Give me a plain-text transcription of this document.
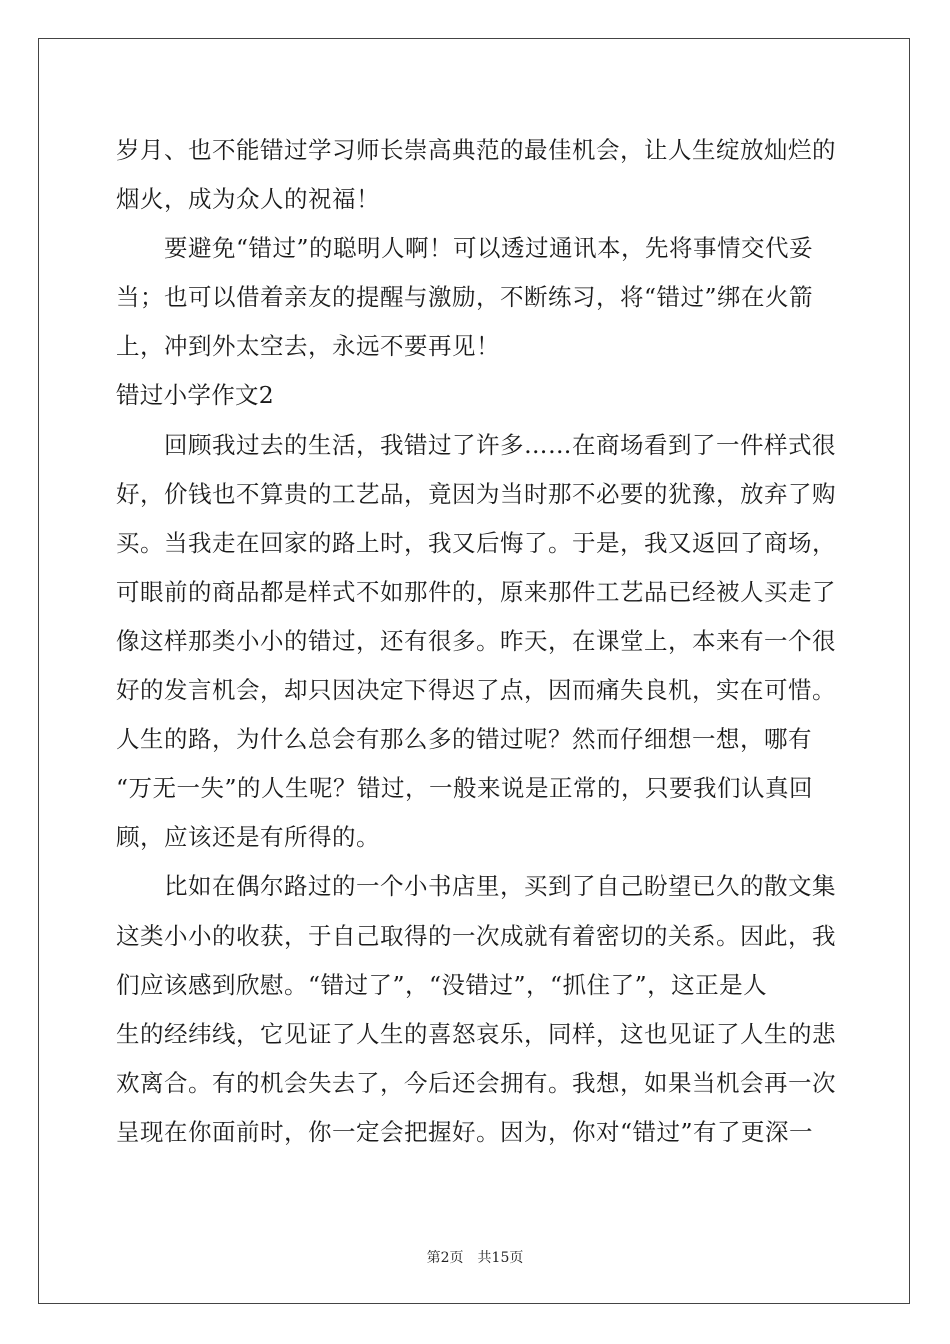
岁月、也不能错过学习师长崇高典范的最佳机会，让人生绽放灿烂的
烟火，成为众人的祝福！
要避免“错过”的聪明人啊！可以透过通讯本，先将事情交代妥
当；也可以借着亲友的提醒与激励，不断练习，将“错过”绑在火箭
上，冲到外太空去，永远不要再见！
错过小学作文2
回顾我过去的生活，我错过了许多……在商场看到了一件样式很
好，价钱也不算贵的工艺品，竟因为当时那不必要的犹豫，放弃了购
买。当我走在回家的路上时，我又后悔了。于是，我又返回了商场，
可眼前的商品都是样式不如那件的，原来那件工艺品已经被人买走了
像这样那类小小的错过，还有很多。昨天，在课堂上，本来有一个很
好的发言机会，却只因决定下得迟了点，因而痛失良机，实在可惜。
人生的路，为什么总会有那么多的错过呢？然而仔细想一想，哪有
“万无一失”的人生呢？错过，一般来说是正常的，只要我们认真回
顾，应该还是有所得的。
比如在偶尔路过的一个小书店里，买到了自己盼望已久的散文集
这类小小的收获，于自己取得的一次成就有着密切的关系。因此，我
们应该感到欣慰。“错过了”，“没错过”，“抓住了”，这正是人
生的经纬线，它见证了人生的喜怒哀乐，同样，这也见证了人生的悲
欢离合。有的机会失去了，今后还会拥有。我想，如果当机会再一次
呈现在你面前时，你一定会把握好。因为，你对“错过”有了更深一
第2页　共15页
